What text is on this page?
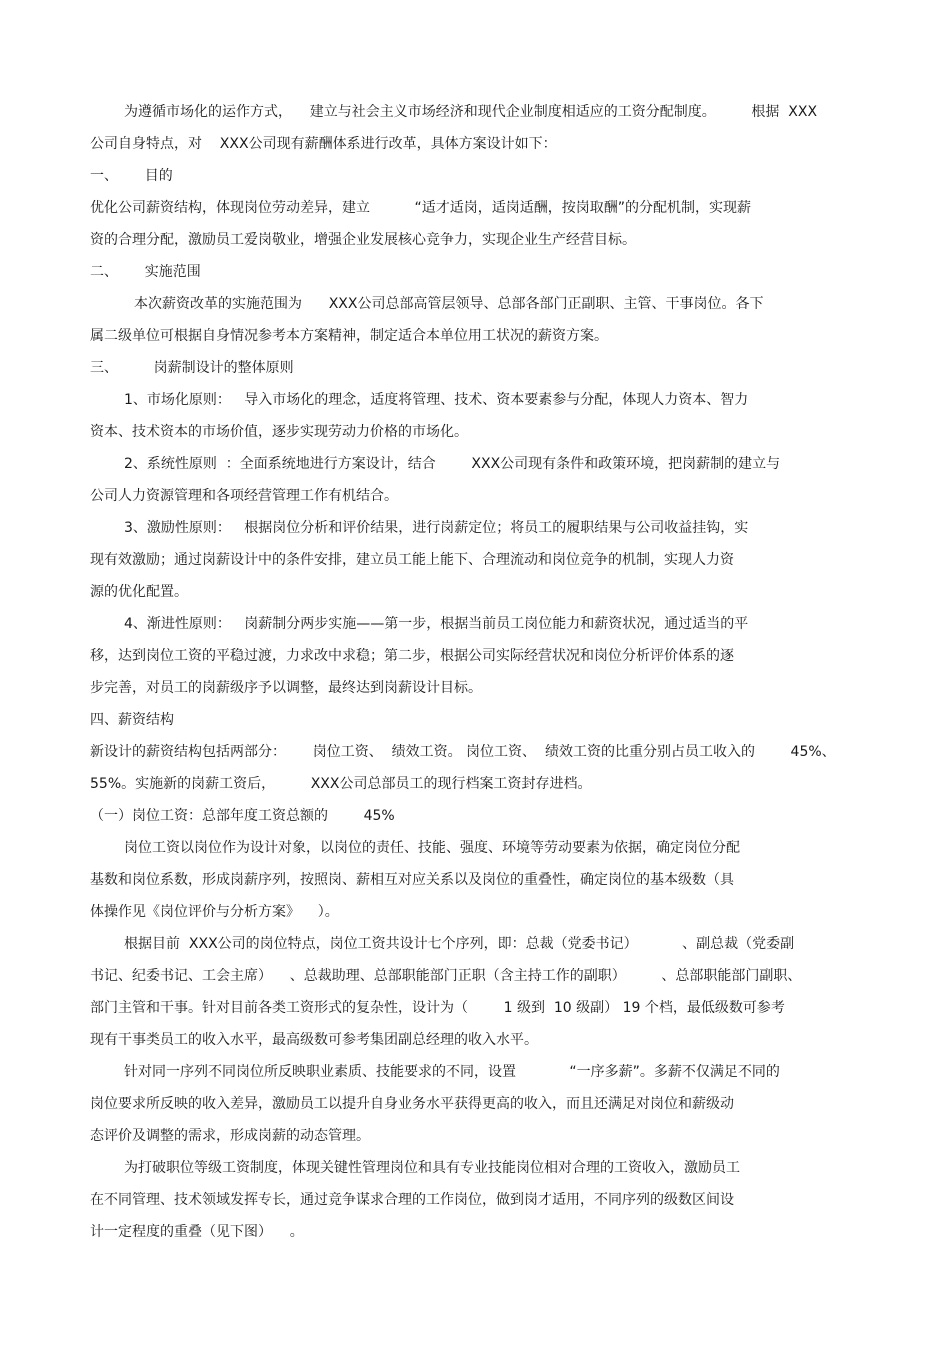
为遵循市场化的运作方式，    建立与社会主义市场经济和现代企业制度相适应的工资分配制度。        根据  XXX
公司自身特点，对    XXX公司现有薪酬体系进行改革，具体方案设计如下：
一、      目的
优化公司薪资结构，体现岗位劳动差异，建立          “适才适岗，适岗适酬，按岗取酬”的分配机制，实现薪
资的合理分配，激励员工爱岗敬业，增强企业发展核心竞争力，实现企业生产经营目标。
二、      实施范围
本次薪资改革的实施范围为      XXX公司总部高管层领导、总部各部门正副职、主管、干事岗位。各下
属二级单位可根据自身情况参考本方案精神，制定适合本单位用工状况的薪资方案。
三、        岗薪制设计的整体原则
1、市场化原则：   导入市场化的理念，适度将管理、技术、资本要素参与分配，体现人力资本、智力
资本、技术资本的市场价值，逐步实现劳动力价格的市场化。
2、系统性原则  ：全面系统地进行方案设计，结合        XXX公司现有条件和政策环境，把岗薪制的建立与
公司人力资源管理和各项经营管理工作有机结合。
3、激励性原则：   根据岗位分析和评价结果，进行岗薪定位；将员工的履职结果与公司收益挂钩，实
现有效激励；通过岗薪设计中的条件安排，建立员工能上能下、合理流动和岗位竞争的机制，实现人力资
源的优化配置。
4、渐进性原则：   岗薪制分两步实施——第一步，根据当前员工岗位能力和薪资状况，通过适当的平
移，达到岗位工资的平稳过渡，力求改中求稳；第二步，根据公司实际经营状况和岗位分析评价体系的逐
步完善，对员工的岗薪级序予以调整，最终达到岗薪设计目标。
四、薪资结构
新设计的薪资结构包括两部分：      岗位工资、  绩效工资。 岗位工资、  绩效工资的比重分别占员工收入的        45%、
55%。实施新的岗薪工资后，        XXX公司总部员工的现行档案工资封存进档。
（一）岗位工资：总部年度工资总额的        45%
岗位工资以岗位作为设计对象，以岗位的责任、技能、强度、环境等劳动要素为依据，确定岗位分配
基数和岗位系数，形成岗薪序列，按照岗、薪相互对应关系以及岗位的重叠性，确定岗位的基本级数（具
体操作见《岗位评价与分析方案》    ）。
根据目前  XXX公司的岗位特点，岗位工资共设计七个序列，即：总裁（党委书记）          、副总裁（党委副
书记、纪委书记、工会主席）    、总裁助理、总部职能部门正职（含主持工作的副职）        、总部职能部门副职、
部门主管和干事。针对目前各类工资形式的复杂性，设计为（        1 级到  10 级副） 19 个档，最低级数可参考
现有干事类员工的收入水平，最高级数可参考集团副总经理的收入水平。
针对同一序列不同岗位所反映职业素质、技能要求的不同，设置            “一序多薪”。多薪不仅满足不同的
岗位要求所反映的收入差异，激励员工以提升自身业务水平获得更高的收入，而且还满足对岗位和薪级动
态评价及调整的需求，形成岗薪的动态管理。
为打破职位等级工资制度，体现关键性管理岗位和具有专业技能岗位相对合理的工资收入，激励员工
在不同管理、技术领域发挥专长，通过竞争谋求合理的工作岗位，做到岗才适用，不同序列的级数区间设
计一定程度的重叠（见下图）    。
